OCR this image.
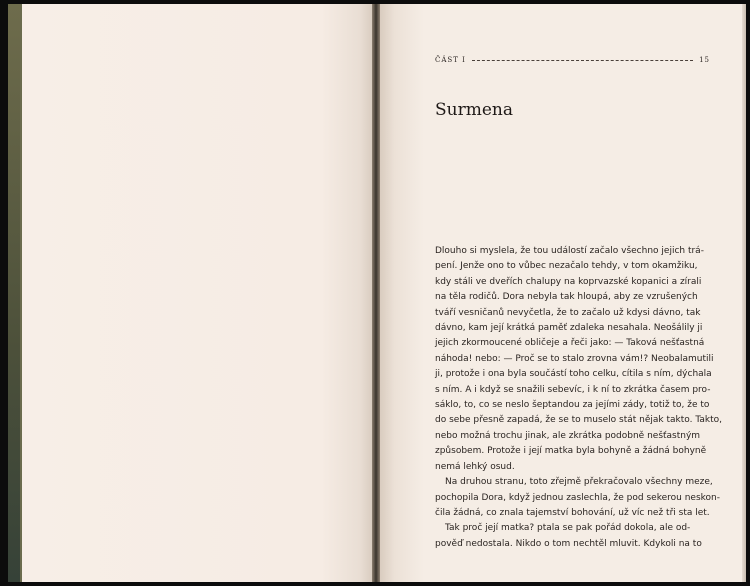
ČÁST I	15
Surmena
Dlouho si myslela, že tou událostí začalo všechno jejich trá-
pení. Jenže ono to vůbec nezačalo tehdy, v tom okamžiku,
kdy stáli ve dveřích chalupy na koprvazské kopanici a zírali
na těla rodičů. Dora nebyla tak hloupá, aby ze vzrušených
tváří vesničanů nevyčetla, že to začalo už kdysi dávno, tak
dávno, kam její krátká paměť zdaleka nesahala. Neošálily ji
jejich zkormoucené obličeje a řeči jako: — Taková nešťastná
náhoda! nebo: — Proč se to stalo zrovna vám!? Neobalamutili
ji, protože i ona byla součástí toho celku, cítila s ním, dýchala
s ním. A i když se snažili sebevíc, i k ní to zkrátka časem pro-
sáklo, to, co se neslo šeptandou za jejími zády, totiž to, že to
do sebe přesně zapadá, že se to muselo stát nějak takto. Takto,
nebo možná trochu jinak, ale zkrátka podobně nešťastným
způsobem. Protože i její matka byla bohyně a žádná bohyně
nemá lehký osud.
Na druhou stranu, toto zřejmě překračovalo všechny meze,
pochopila Dora, když jednou zaslechla, že pod sekerou neskon-
čila žádná, co znala tajemství bohování, už víc než tři sta let.
Tak proč její matka? ptala se pak pořád dokola, ale od-
pověď nedostala. Nikdo o tom nechtěl mluvit. Kdykoli na to
